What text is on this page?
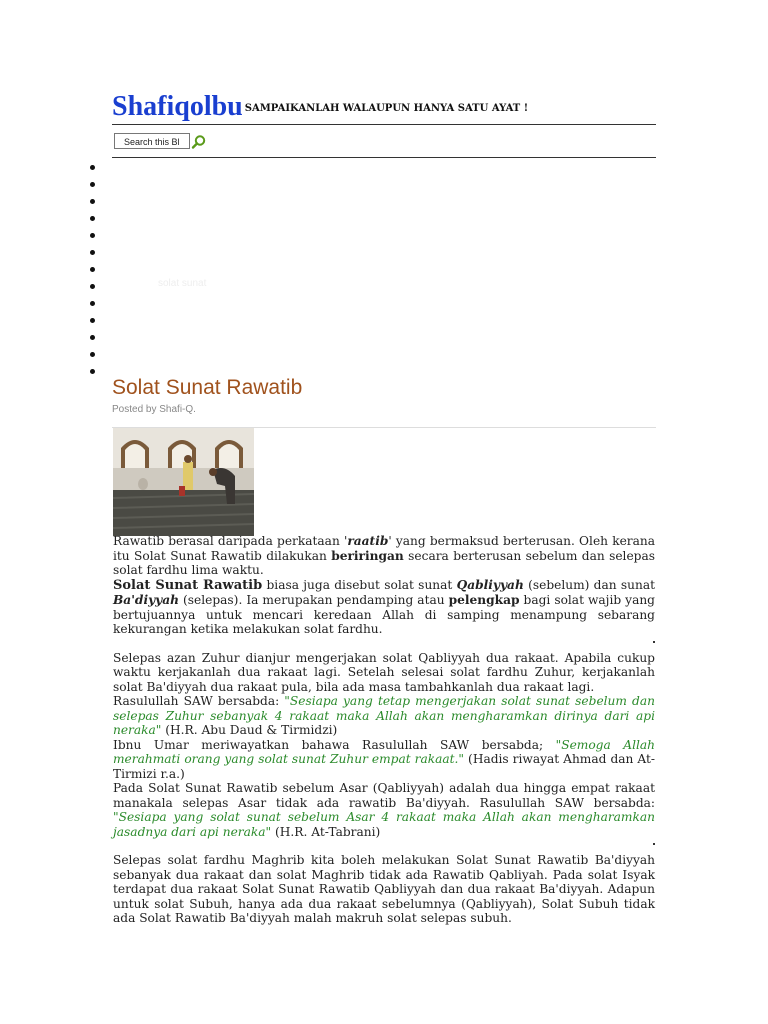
Shafiqolbu SAMPAIKANLAH WALAUPUN HANYA SATU AYAT !
Search this Bl
solat sunat
Solat Sunat Rawatib
Posted by Shafi-Q.

Rawatib berasal daripada perkataan 'raatib' yang bermaksud berterusan. Oleh kerana itu Solat Sunat Rawatib dilakukan beriringan secara berterusan sebelum dan selepas solat fardhu lima waktu.

Solat Sunat Rawatib biasa juga disebut solat sunat Qabliyyah (sebelum) dan sunat Ba'diyyah (selepas). Ia merupakan pendamping atau pelengkap bagi solat wajib yang bertujuannya untuk mencari keredaan Allah di samping menampung sebarang kekurangan ketika melakukan solat fardhu.

Selepas azan Zuhur dianjur mengerjakan solat Qabliyyah dua rakaat. Apabila cukup waktu kerjakanlah dua rakaat lagi. Setelah selesai solat fardhu Zuhur, kerjakanlah solat Ba'diyyah dua rakaat pula, bila ada masa tambahkanlah dua rakaat lagi.

Rasulullah SAW bersabda: "Sesiapa yang tetap mengerjakan solat sunat sebelum dan selepas Zuhur sebanyak 4 rakaat maka Allah akan mengharamkan dirinya dari api neraka" (H.R. Abu Daud & Tirmidzi)

Ibnu Umar meriwayatkan bahawa Rasulullah SAW bersabda; "Semoga Allah merahmati orang yang solat sunat Zuhur empat rakaat." (Hadis riwayat Ahmad dan At-Tirmizi r.a.)

Pada Solat Sunat Rawatib sebelum Asar (Qabliyyah) adalah dua hingga empat rakaat manakala selepas Asar tidak ada rawatib Ba'diyyah. Rasulullah SAW bersabda: "Sesiapa yang solat sunat sebelum Asar 4 rakaat maka Allah akan mengharamkan jasadnya dari api neraka" (H.R. At-Tabrani)

Selepas solat fardhu Maghrib kita boleh melakukan Solat Sunat Rawatib Ba'diyyah sebanyak dua rakaat dan solat Maghrib tidak ada Rawatib Qabliyah. Pada solat Isyak terdapat dua rakaat Solat Sunat Rawatib Qabliyyah dan dua rakaat Ba'diyyah. Adapun untuk solat Subuh, hanya ada dua rakaat sebelumnya (Qabliyyah), Solat Subuh tidak ada Solat Rawatib Ba'diyyah malah makruh solat selepas subuh.
